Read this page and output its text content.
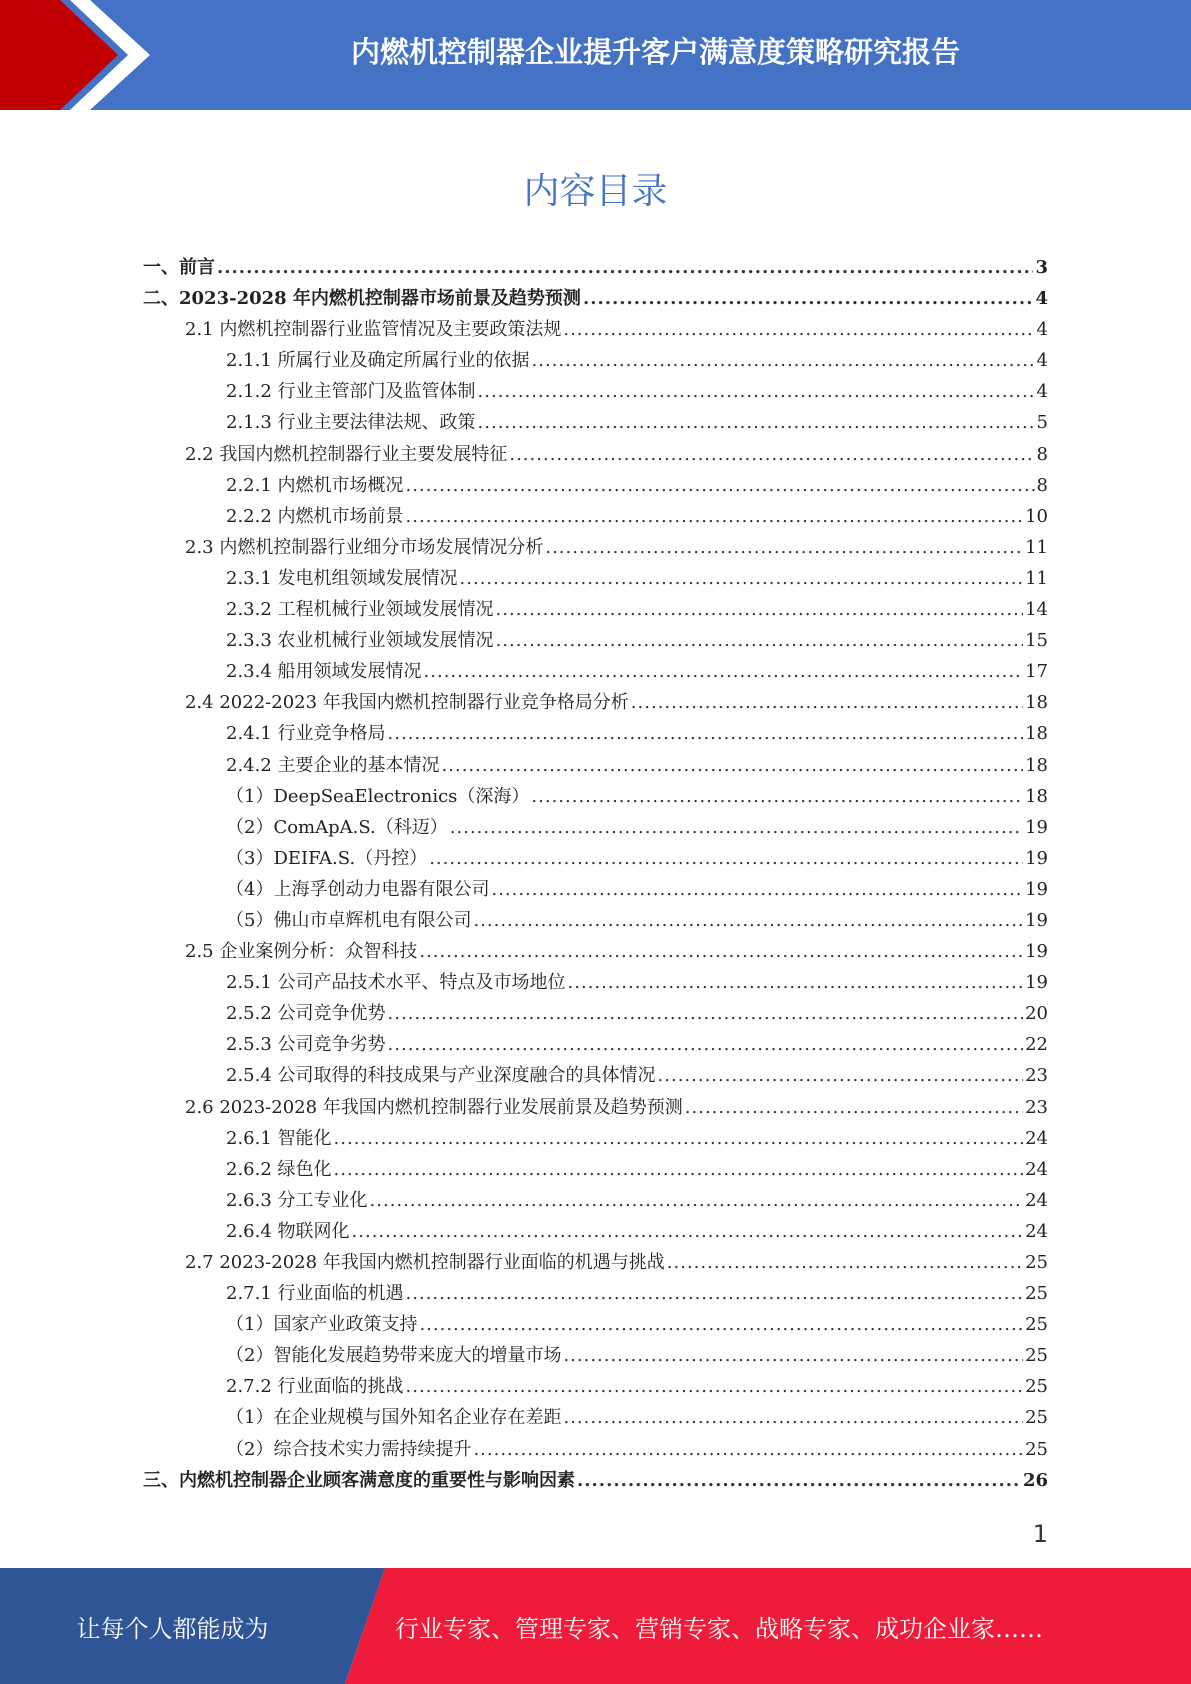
内燃机控制器企业提升客户满意度策略研究报告
内容目录
一、前言 .....	3
二、2023-2028 年内燃机控制器市场前景及趋势预测 .....	4
2.1 内燃机控制器行业监管情况及主要政策法规 .....	4
2.1.1 所属行业及确定所属行业的依据 .....	4
2.1.2 行业主管部门及监管体制 .....	4
2.1.3 行业主要法律法规、政策 .....	5
2.2 我国内燃机控制器行业主要发展特征 .....	8
2.2.1 内燃机市场概况 .....	8
2.2.2 内燃机市场前景 .....	10
2.3 内燃机控制器行业细分市场发展情况分析 .....	11
2.3.1 发电机组领域发展情况 .....	11
2.3.2 工程机械行业领域发展情况 .....	14
2.3.3 农业机械行业领域发展情况 .....	15
2.3.4 船用领域发展情况 .....	17
2.4 2022-2023 年我国内燃机控制器行业竞争格局分析 .....	18
2.4.1 行业竞争格局 .....	18
2.4.2 主要企业的基本情况 .....	18
（1）DeepSeaElectronics（深海） .....	18
（2）ComApA.S.（科迈） .....	19
（3）DEIFA.S.（丹控） .....	19
（4）上海孚创动力电器有限公司 .....	19
（5）佛山市卓辉机电有限公司 .....	19
2.5 企业案例分析：众智科技 .....	19
2.5.1 公司产品技术水平、特点及市场地位 .....	19
2.5.2 公司竞争优势 .....	20
2.5.3 公司竞争劣势 .....	22
2.5.4 公司取得的科技成果与产业深度融合的具体情况 .....	23
2.6 2023-2028 年我国内燃机控制器行业发展前景及趋势预测 .....	23
2.6.1 智能化 .....	24
2.6.2 绿色化 .....	24
2.6.3 分工专业化 .....	24
2.6.4 物联网化 .....	24
2.7 2023-2028 年我国内燃机控制器行业面临的机遇与挑战 .....	25
2.7.1 行业面临的机遇 .....	25
（1）国家产业政策支持 .....	25
（2）智能化发展趋势带来庞大的增量市场 .....	25
2.7.2 行业面临的挑战 .....	25
（1）在企业规模与国外知名企业存在差距 .....	25
（2）综合技术实力需持续提升 .....	25
三、内燃机控制器企业顾客满意度的重要性与影响因素 .....	26
1
让每个人都能成为	行业专家、管理专家、营销专家、战略专家、成功企业家……
